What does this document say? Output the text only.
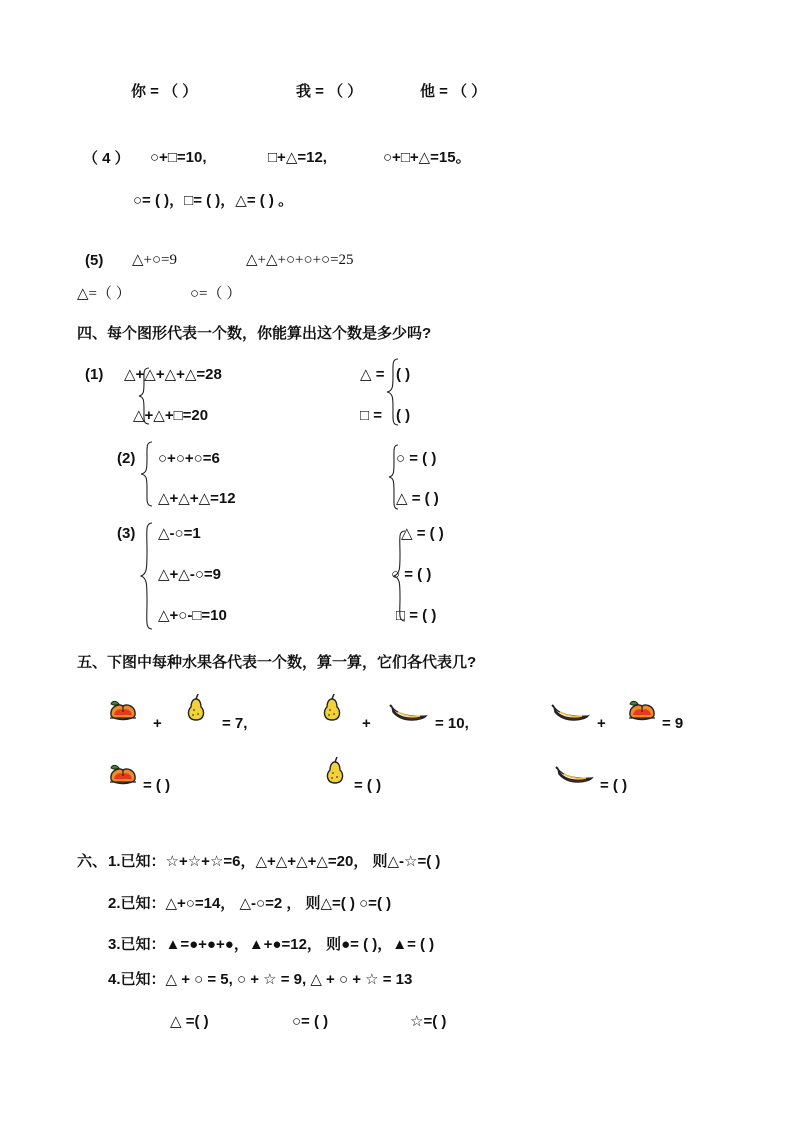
你 = （ ）	我 = （ ）	他 = （ ）
（ 4 ） ○+□=10,	□+△=12,	○+□+△=15。
○= ( )，□= ( )，△= ( ) 。
(5) △+○=9	△+△+○+○+○=25
△=（ ）	○=（ ）
四、每个图形代表一个数，你能算出这个数是多少吗?
(1) △+△+△+△=28
△+△+□=20
△ = ( )
□ = ( )
(2) ○+○+○=6
△+△+△=12
○ = ( )
△ = ( )
(3) △-○=1
△+△-○=9
△+○-□=10
△ = ( )
○ = ( )
□ = ( )
五、下图中每种水果各代表一个数，算一算，它们各代表几?
+	= 7,	+	= 10,	+	= 9
= ( )	= ( )	= ( )
六、 1.已知：☆+☆+☆=6，△+△+△+△=20， 则△-☆=( )
2.已知：△+○=14， △-○=2 ， 则△=( ) ○=( )
3.已知：▲=●+●+●，▲+●=12， 则●= ( )，▲= ( )
4.已知：△ + ○ = 5, ○ + ☆ = 9, △ + ○ + ☆ = 13
△ =( )	○= ( )	☆=( )
